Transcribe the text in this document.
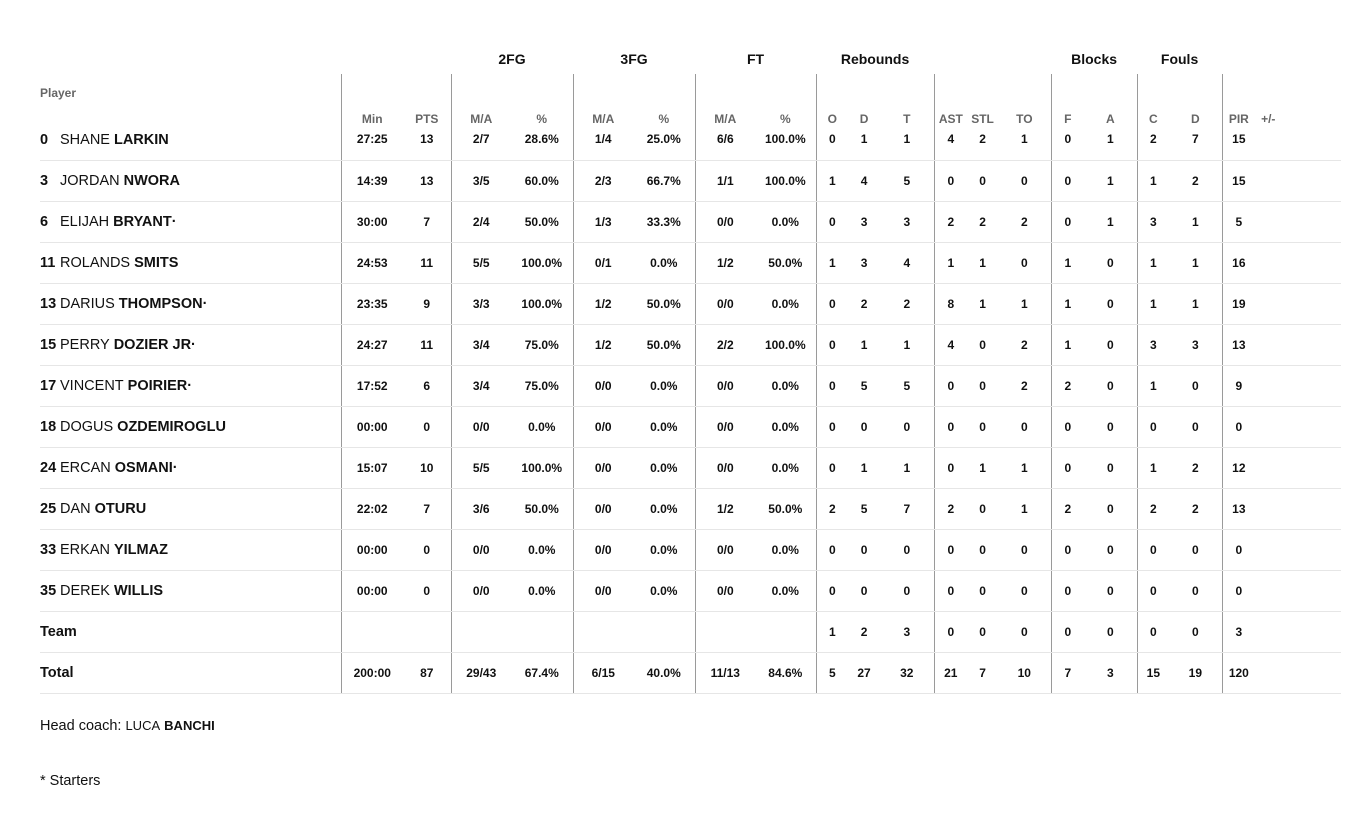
			2FG		3FG		FT		Rebounds						Blocks		Fouls			
Player	Min	PTS	M/A	%	M/A	%	M/A	%	O	D	T	AST	STL	TO	F	A	C	D	PIR	+/-
0 SHANE LARKIN	27:25	13	2/7	28.6%	1/4	25.0%	6/6	100.0%	0	1	1	4	2	1	0	1	2	7	15	
3 JORDAN NWORA	14:39	13	3/5	60.0%	2/3	66.7%	1/1	100.0%	1	4	5	0	0	0	0	1	1	2	15	
6 ELIJAH BRYANT·	30:00	7	2/4	50.0%	1/3	33.3%	0/0	0.0%	0	3	3	2	2	2	0	1	3	1	5	
11 ROLANDS SMITS	24:53	11	5/5	100.0%	0/1	0.0%	1/2	50.0%	1	3	4	1	1	0	1	0	1	1	16	
13 DARIUS THOMPSON·	23:35	9	3/3	100.0%	1/2	50.0%	0/0	0.0%	0	2	2	8	1	1	1	0	1	1	19	
15 PERRY DOZIER JR·	24:27	11	3/4	75.0%	1/2	50.0%	2/2	100.0%	0	1	1	4	0	2	1	0	3	3	13	
17 VINCENT POIRIER·	17:52	6	3/4	75.0%	0/0	0.0%	0/0	0.0%	0	5	5	0	0	2	2	0	1	0	9	
18 DOGUS OZDEMIROGLU	00:00	0	0/0	0.0%	0/0	0.0%	0/0	0.0%	0	0	0	0	0	0	0	0	0	0	0	
24 ERCAN OSMANI·	15:07	10	5/5	100.0%	0/0	0.0%	0/0	0.0%	0	1	1	0	1	1	0	0	1	2	12	
25 DAN OTURU	22:02	7	3/6	50.0%	0/0	0.0%	1/2	50.0%	2	5	7	2	0	1	2	0	2	2	13	
33 ERKAN YILMAZ	00:00	0	0/0	0.0%	0/0	0.0%	0/0	0.0%	0	0	0	0	0	0	0	0	0	0	0	
35 DEREK WILLIS	00:00	0	0/0	0.0%	0/0	0.0%	0/0	0.0%	0	0	0	0	0	0	0	0	0	0	0	
Team									1	2	3	0	0	0	0	0	0	0	3	
Total	200:00	87	29/43	67.4%	6/15	40.0%	11/13	84.6%	5	27	32	21	7	10	7	3	15	19	120	
Head coach: LUCA BANCHI
* Starters
